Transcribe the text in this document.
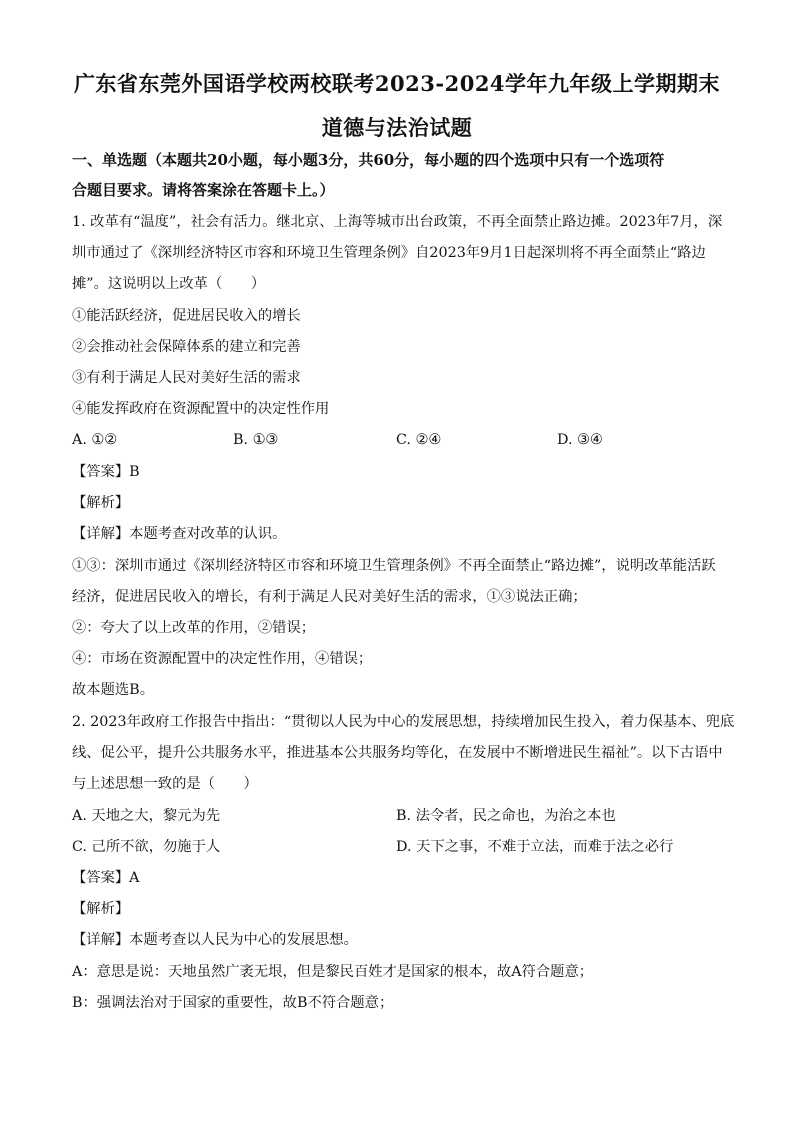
广东省东莞外国语学校两校联考2023-2024学年九年级上学期期末
道德与法治试题
一、单选题（本题共20小题，每小题3分，共60分，每小题的四个选项中只有一个选项符
合题目要求。请将答案涂在答题卡上。）
1. 改革有“温度”，社会有活力。继北京、上海等城市出台政策，不再全面禁止路边摊。2023年7月，深
圳市通过了《深圳经济特区市容和环境卫生管理条例》自2023年9月1日起深圳将不再全面禁止“路边
摊”。这说明以上改革（　　）
①能活跃经济，促进居民收入的增长
②会推动社会保障体系的建立和完善
③有利于满足人民对美好生活的需求
④能发挥政府在资源配置中的决定性作用
A. ①②	B. ①③	C. ②④	D. ③④
【答案】B
【解析】
【详解】本题考查对改革的认识。
①③：深圳市通过《深圳经济特区市容和环境卫生管理条例》不再全面禁止“路边摊”，说明改革能活跃
经济，促进居民收入的增长，有利于满足人民对美好生活的需求，①③说法正确；
②：夸大了以上改革的作用，②错误；
④：市场在资源配置中的决定性作用，④错误；
故本题选B。
2. 2023年政府工作报告中指出：“贯彻以人民为中心的发展思想，持续增加民生投入，着力保基本、兜底
线、促公平，提升公共服务水平，推进基本公共服务均等化，在发展中不断增进民生福祉”。以下古语中
与上述思想一致的是（　　）
A. 天地之大，黎元为先	B. 法令者，民之命也，为治之本也
C. 己所不欲，勿施于人	D. 天下之事，不难于立法，而难于法之必行
【答案】A
【解析】
【详解】本题考查以人民为中心的发展思想。
A：意思是说：天地虽然广袤无垠，但是黎民百姓才是国家的根本，故A符合题意；
B：强调法治对于国家的重要性，故B不符合题意；
